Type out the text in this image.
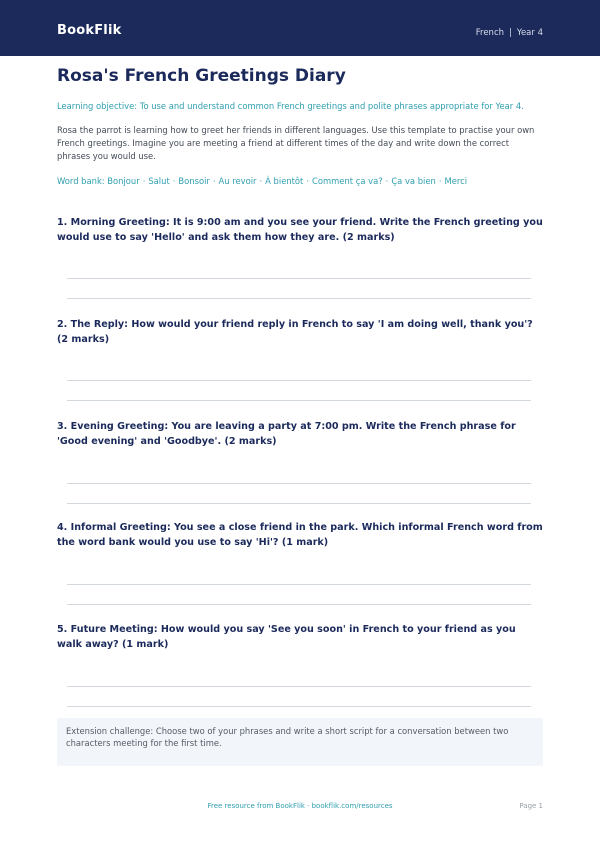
BookFlik	French | Year 4
Rosa's French Greetings Diary
Learning objective: To use and understand common French greetings and polite phrases appropriate for Year 4.
Rosa the parrot is learning how to greet her friends in different languages. Use this template to practise your own French greetings. Imagine you are meeting a friend at different times of the day and write down the correct phrases you would use.
Word bank: Bonjour · Salut · Bonsoir · Au revoir · À bientôt · Comment ça va? · Ça va bien · Merci
1. Morning Greeting: It is 9:00 am and you see your friend. Write the French greeting you would use to say 'Hello' and ask them how they are. (2 marks)
2. The Reply: How would your friend reply in French to say 'I am doing well, thank you'? (2 marks)
3. Evening Greeting: You are leaving a party at 7:00 pm. Write the French phrase for 'Good evening' and 'Goodbye'. (2 marks)
4. Informal Greeting: You see a close friend in the park. Which informal French word from the word bank would you use to say 'Hi'? (1 mark)
5. Future Meeting: How would you say 'See you soon' in French to your friend as you walk away? (1 mark)
Extension challenge: Choose two of your phrases and write a short script for a conversation between two characters meeting for the first time.
Free resource from BookFlik · bookflik.com/resources	Page 1
